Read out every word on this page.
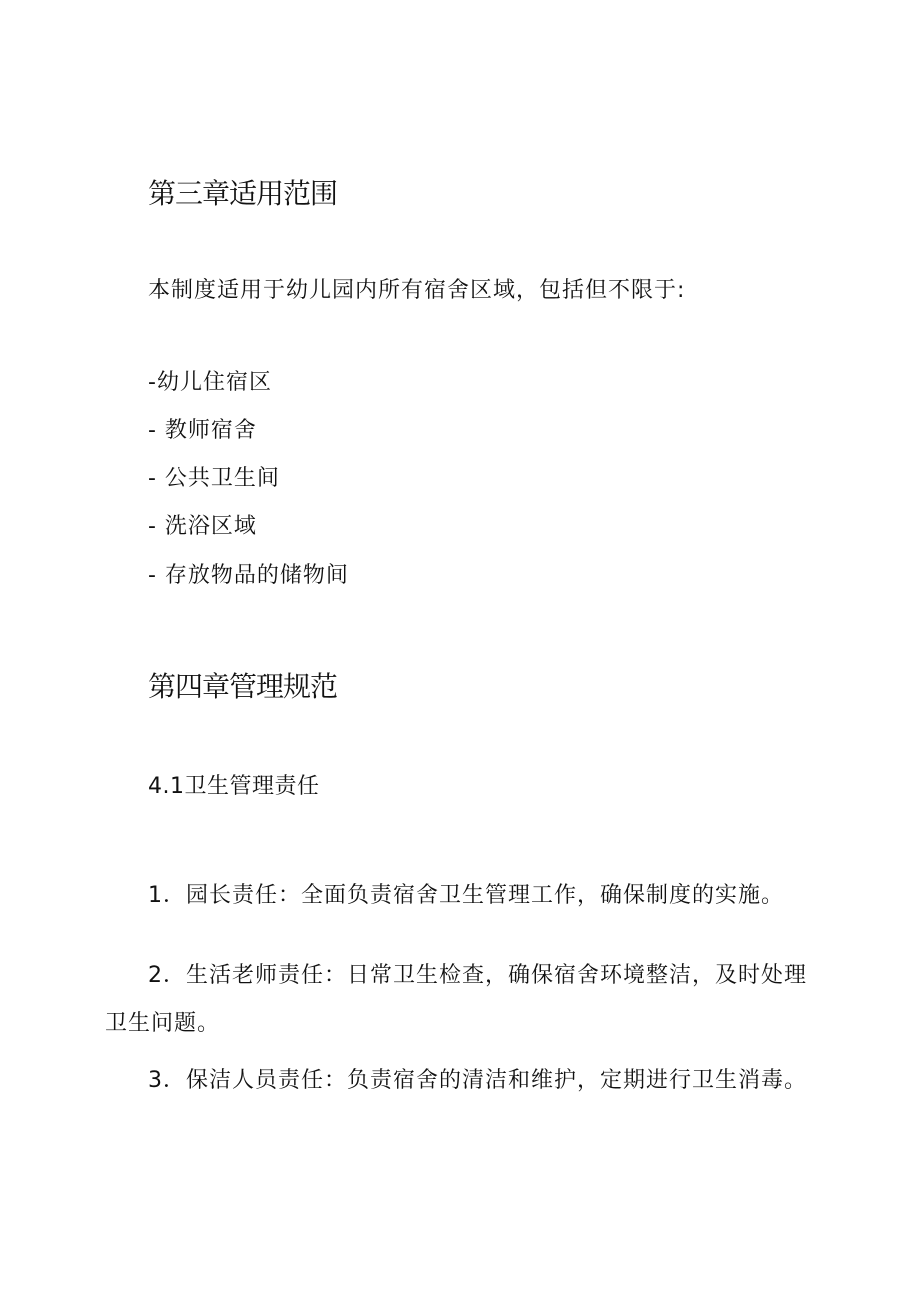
第三章适用范围
本制度适用于幼儿园内所有宿舍区域，包括但不限于:
-幼儿住宿区
- 教师宿舍
- 公共卫生间
- 洗浴区域
- 存放物品的储物间
第四章管理规范
4.1卫生管理责任
1．园长责任：全面负责宿舍卫生管理工作，确保制度的实施。
2．生活老师责任：日常卫生检查，确保宿舍环境整洁，及时处理
卫生问题。
3．保洁人员责任：负责宿舍的清洁和维护，定期进行卫生消毒。
